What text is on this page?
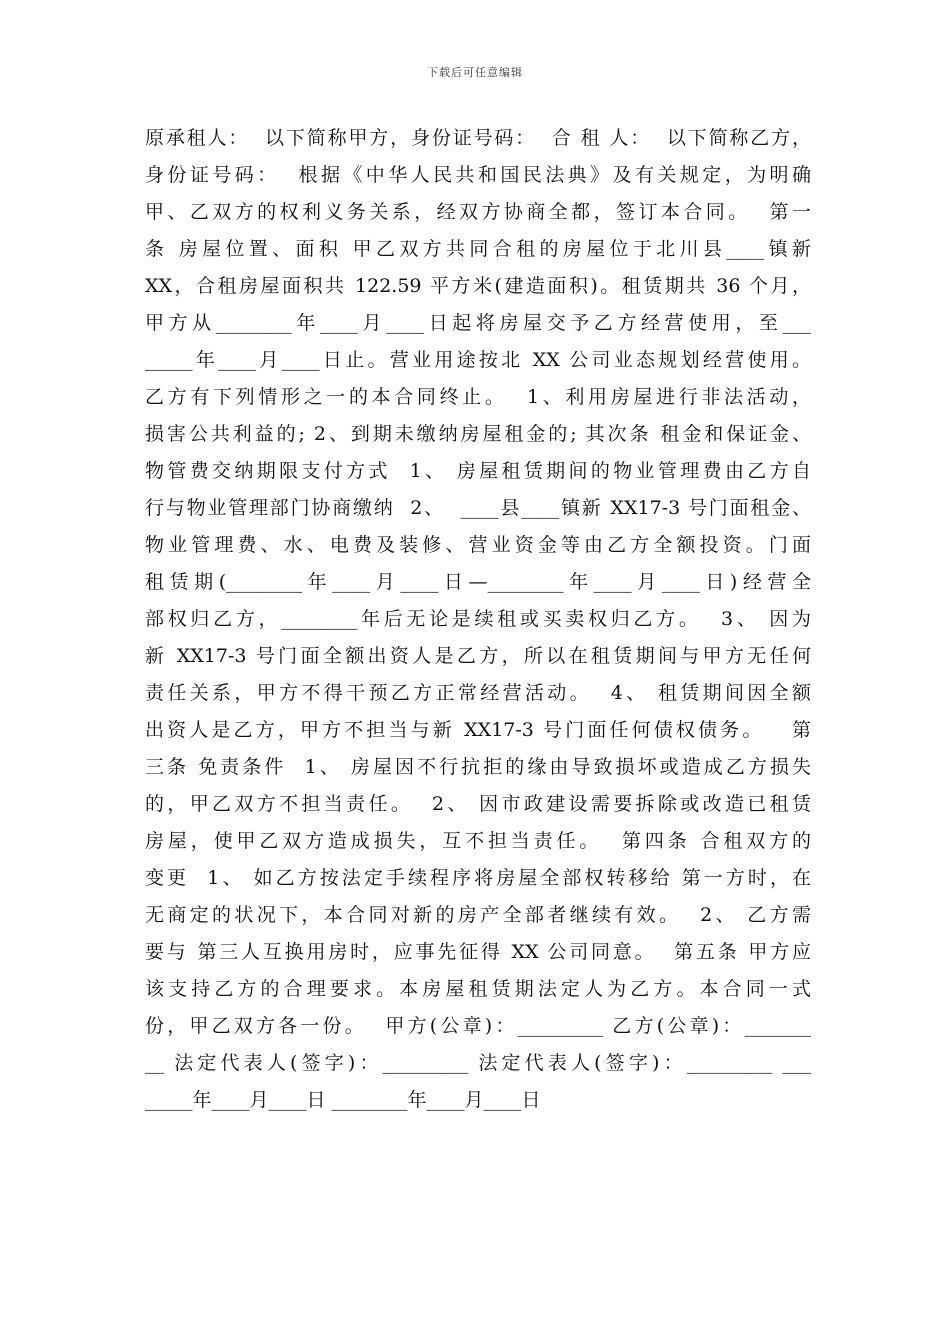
下载后可任意编辑
原承租人：  以下简称甲方，身份证号码：  合 租 人：  以下简称乙方，
身份证号码：  根据《中华人民共和国民法典》及有关规定，为明确
甲、乙双方的权利义务关系，经双方协商全都，签订本合同。  第一
条 房屋位置、面积 甲乙双方共同合租的房屋位于北川县____镇新
XX，合租房屋面积共 122.59 平方米(建造面积)。租赁期共 36 个月，
甲方从________年____月____日起将房屋交予乙方经营使用，至___
_____年____月____日止。营业用途按北 XX 公司业态规划经营使用。
乙方有下列情形之一的本合同终止。  1、利用房屋进行非法活动，
损害公共利益的; 2、到期未缴纳房屋租金的; 其次条 租金和保证金、
物管费交纳期限支付方式  1、 房屋租赁期间的物业管理费由乙方自
行与物业管理部门协商缴纳  2、  ____县____镇新 XX17-3 号门面租金、
物业管理费、水、电费及装修、营业资金等由乙方全额投资。门面
租赁期(________年____月____日—________年____月____日)经营全
部权归乙方，________年后无论是续租或买卖权归乙方。  3、 因为
新 XX17-3 号门面全额出资人是乙方，所以在租赁期间与甲方无任何
责任关系，甲方不得干预乙方正常经营活动。  4、 租赁期间因全额
出资人是乙方，甲方不担当与新 XX17-3 号门面任何债权债务。   第
三条 免责条件  1、 房屋因不行抗拒的缘由导致损坏或造成乙方损失
的，甲乙双方不担当责任。  2、 因市政建设需要拆除或改造已租赁
房屋，使甲乙双方造成损失，互不担当责任。  第四条 合租双方的
变更  1、 如乙方按法定手续程序将房屋全部权转移给 第一方时，在
无商定的状况下，本合同对新的房产全部者继续有效。  2、 乙方需
要与 第三人互换用房时，应事先征得 XX 公司同意。  第五条 甲方应
该支持乙方的合理要求。本房屋租赁期法定人为乙方。本合同一式
份，甲乙双方各一份。  甲方(公章)：_________ 乙方(公章)：_______
__ 法定代表人(签字)：_________ 法定代表人(签字)：_________ ___
_____年____月____日 ________年____月____日
